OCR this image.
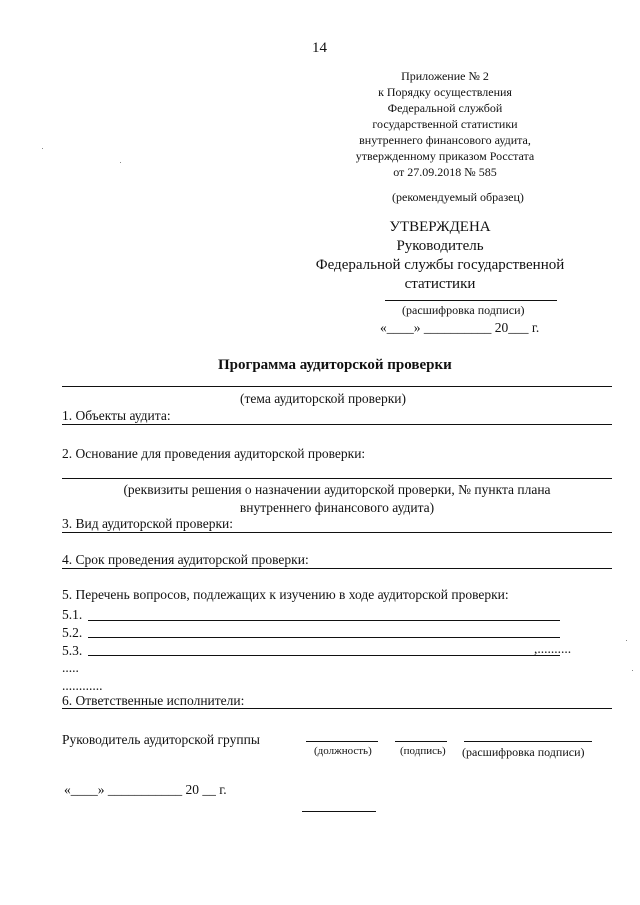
14
Приложение № 2
к Порядку осуществления
Федеральной службой
государственной статистики
внутреннего финансового аудита,
утвержденному приказом Росстата
от 27.09.2018 № 585
(рекомендуемый образец)
УТВЕРЖДЕНА
Руководитель
Федеральной службы государственной
статистики
(расшифровка подписи)
«____» __________ 20___ г.
Программа аудиторской проверки
(тема аудиторской проверки)
1. Объекты аудита:
2. Основание для проведения аудиторской проверки:
(реквизиты решения о назначении аудиторской проверки, № пункта плана
внутреннего финансового аудита)
3. Вид аудиторской проверки:
4. Срок проведения аудиторской проверки:
5. Перечень вопросов, подлежащих к изучению в ходе аудиторской проверки:
5.1.
5.2.
5.3.	,..........
.....
............
6. Ответственные исполнители:
Руководитель аудиторской группы
(должность)	(подпись) (расшифровка подписи)
«____» ___________ 20 __ г.
